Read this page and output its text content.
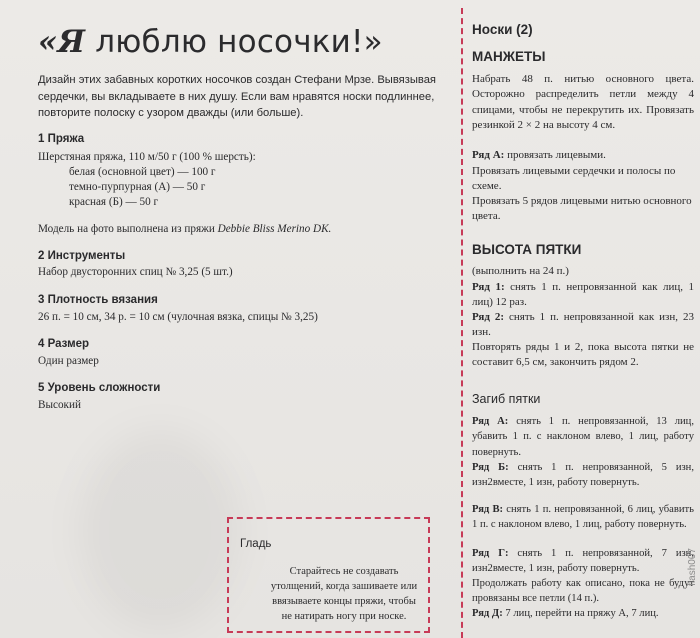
«Я люблю носочки!»
Дизайн этих забавных коротких носочков создан Стефани Мрзе. Вывязывая сердечки, вы вкладываете в них душу. Если вам нравятся носки подлиннее, повторите полоску с узором дважды (или больше).
1 Пряжа
Шерстяная пряжа, 110 м/50 г (100 % шерсть):
белая (основной цвет) — 100 г
темно-пурпурная (А) — 50 г
красная (Б) — 50 г
Модель на фото выполнена из пряжи Debbie Bliss Merino DK.
2 Инструменты
Набор двусторонних спиц № 3,25 (5 шт.)
3 Плотность вязания
26 п. = 10 см, 34 р. = 10 см (чулочная вязка, спицы № 3,25)
4 Размер
Один размер
5 Уровень сложности
Высокий
Гладь
Старайтесь не создавать утолщений, когда зашиваете или ввязываете концы пряжи, чтобы не натирать ногу при носке.
Носки (2)
МАНЖЕТЫ
Набрать 48 п. нитью основного цвета. Осторожно распределить петли между 4 спицами, чтобы не перекрутить их. Провязать резинкой 2 × 2 на высоту 4 см.
Ряд А: провязать лицевыми.
Провязать лицевыми сердечки и полосы по схеме.
Провязать 5 рядов лицевыми нитью основного цвета.
ВЫСОТА ПЯТКИ
(выполнить на 24 п.)
Ряд 1: снять 1 п. непровязанной как лиц, 1 лиц) 12 раз.
Ряд 2: снять 1 п. непровязанной как изн, 23 изн.
Повторять ряды 1 и 2, пока высота пятки не составит 6,5 см, закончить рядом 2.
Загиб пятки
Ряд А: снять 1 п. непровязанной, 13 лиц, убавить 1 п. с наклоном влево, 1 лиц, работу повернуть.
Ряд Б: снять 1 п. непровязанной, 5 изн, изн2вместе, 1 изн, работу повернуть.
Ряд В: снять 1 п. непровязанной, 6 лиц, убавить 1 п. с наклоном влево, 1 лиц, работу повернуть.
Ряд Г: снять 1 п. непровязанной, 7 изн, изн2вместе, 1 изн, работу повернуть.
Продолжать работу как описано, пока не будут провязаны все петли (14 п.).
Ряд Д: 7 лиц, перейти на пряжу А, 7 лиц.
flash007
